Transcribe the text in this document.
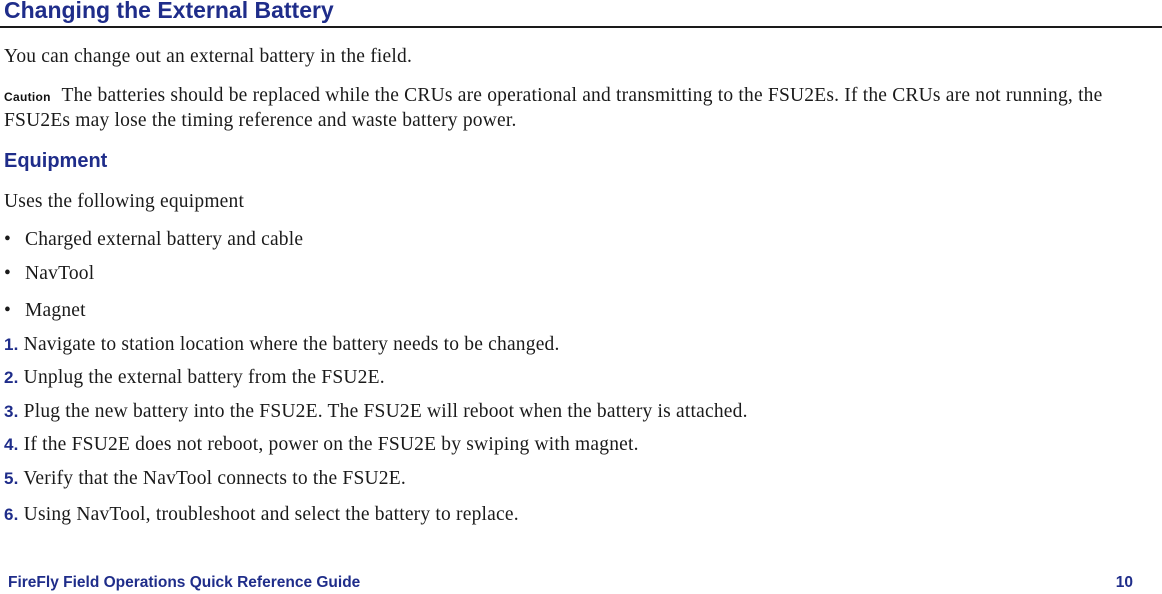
Changing the External Battery
You can change out an external battery in the field.
Caution The batteries should be replaced while the CRUs are operational and transmitting to the FSU2Es. If the CRUs are not running, the FSU2Es may lose the timing reference and waste battery power.
Equipment
Uses the following equipment
• Charged external battery and cable
• NavTool
• Magnet
1. Navigate to station location where the battery needs to be changed.
2. Unplug the external battery from the FSU2E.
3. Plug the new battery into the FSU2E. The FSU2E will reboot when the battery is attached.
4. If the FSU2E does not reboot, power on the FSU2E by swiping with magnet.
5. Verify that the NavTool connects to the FSU2E.
6. Using NavTool, troubleshoot and select the battery to replace.
FireFly Field Operations Quick Reference Guide	10
